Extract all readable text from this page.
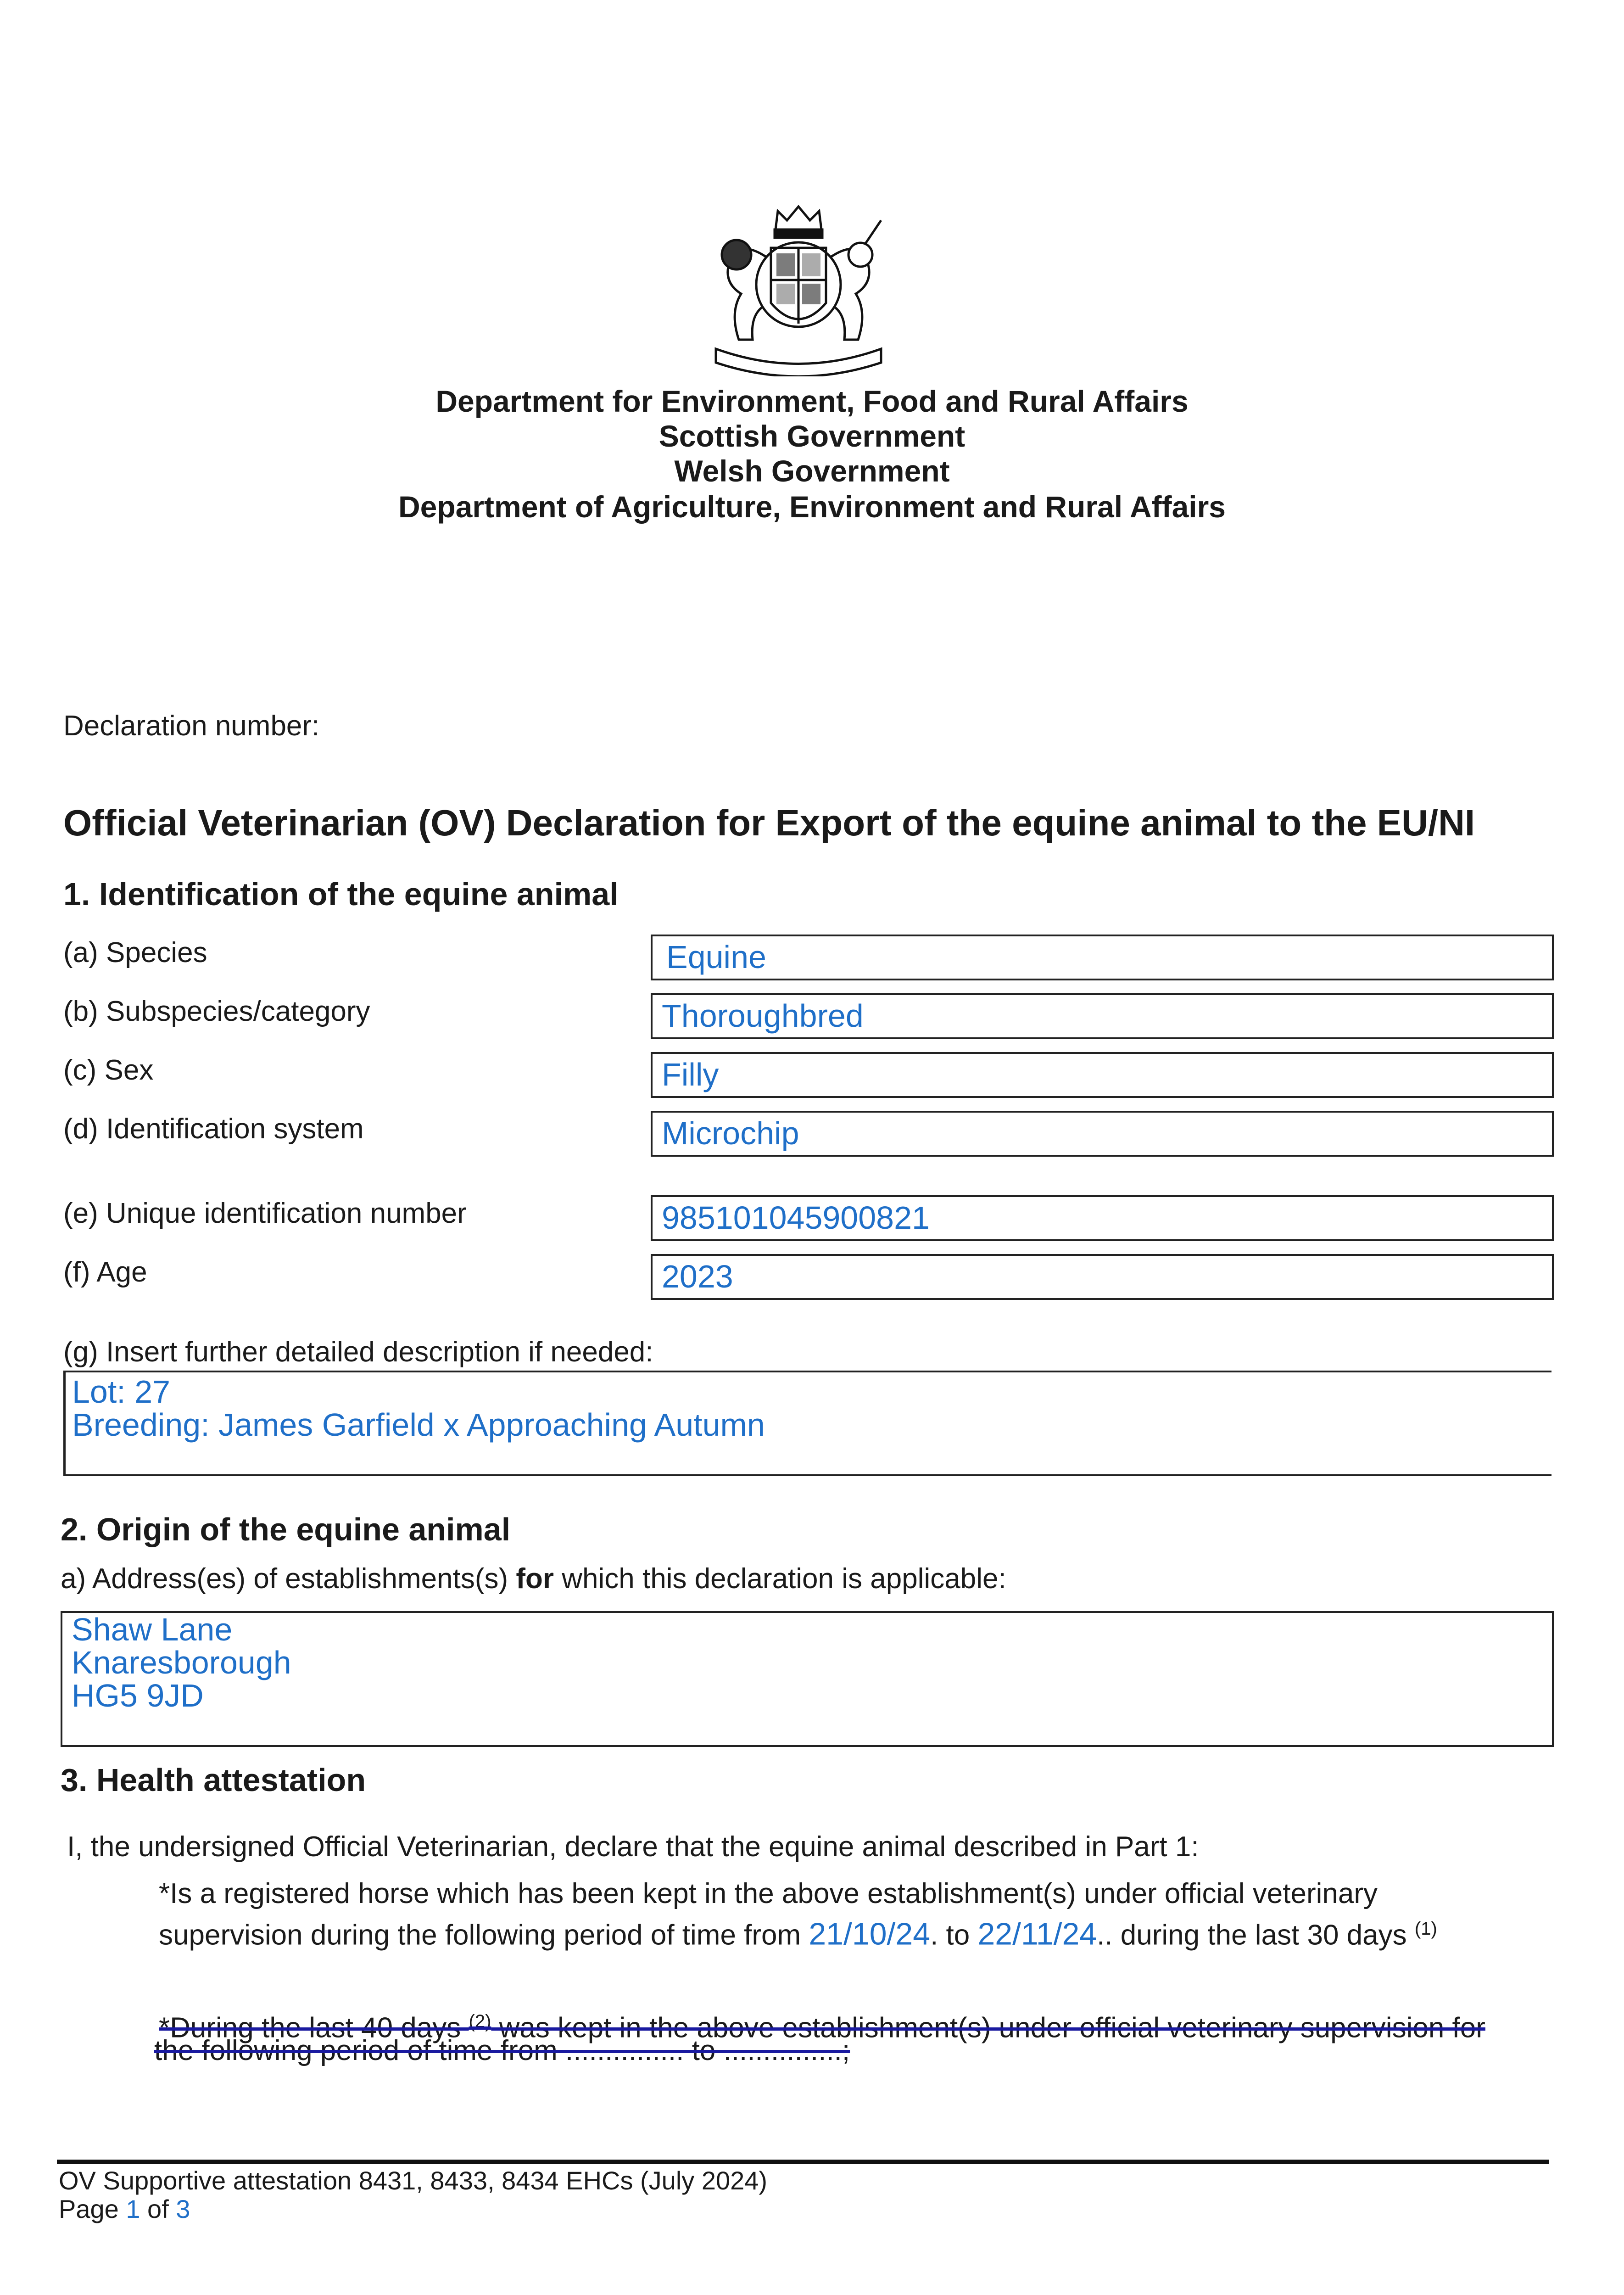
Department for Environment, Food and Rural Affairs
Scottish Government
Welsh Government
Department of Agriculture, Environment and Rural Affairs
Declaration number:
Official Veterinarian (OV) Declaration for Export of the equine animal to the EU/NI
1. Identification of the equine animal
(a) Species	Equine
(b) Subspecies/category	Thoroughbred
(c) Sex	Filly
(d) Identification system	Microchip
(e) Unique identification number	985101045900821
(f) Age	2023
(g) Insert further detailed description if needed:
Lot: 27
Breeding: James Garfield x Approaching Autumn
2. Origin of the equine animal
a) Address(es) of establishments(s) for which this declaration is applicable:
Shaw Lane
Knaresborough
HG5 9JD
3. Health attestation
I, the undersigned Official Veterinarian, declare that the equine animal described in Part 1:
*Is a registered horse which has been kept in the above establishment(s) under official veterinary
supervision during the following period of time from 21/10/24. to 22/11/24.. during the last 30 days $^{(1)}$
*During the last 40 days $^{(2)}$ was kept in the above establishment(s) under official veterinary supervision for
the following period of time from ............... to ...............;
OV Supportive attestation 8431, 8433, 8434 EHCs (July 2024)
Page 1 of 3
